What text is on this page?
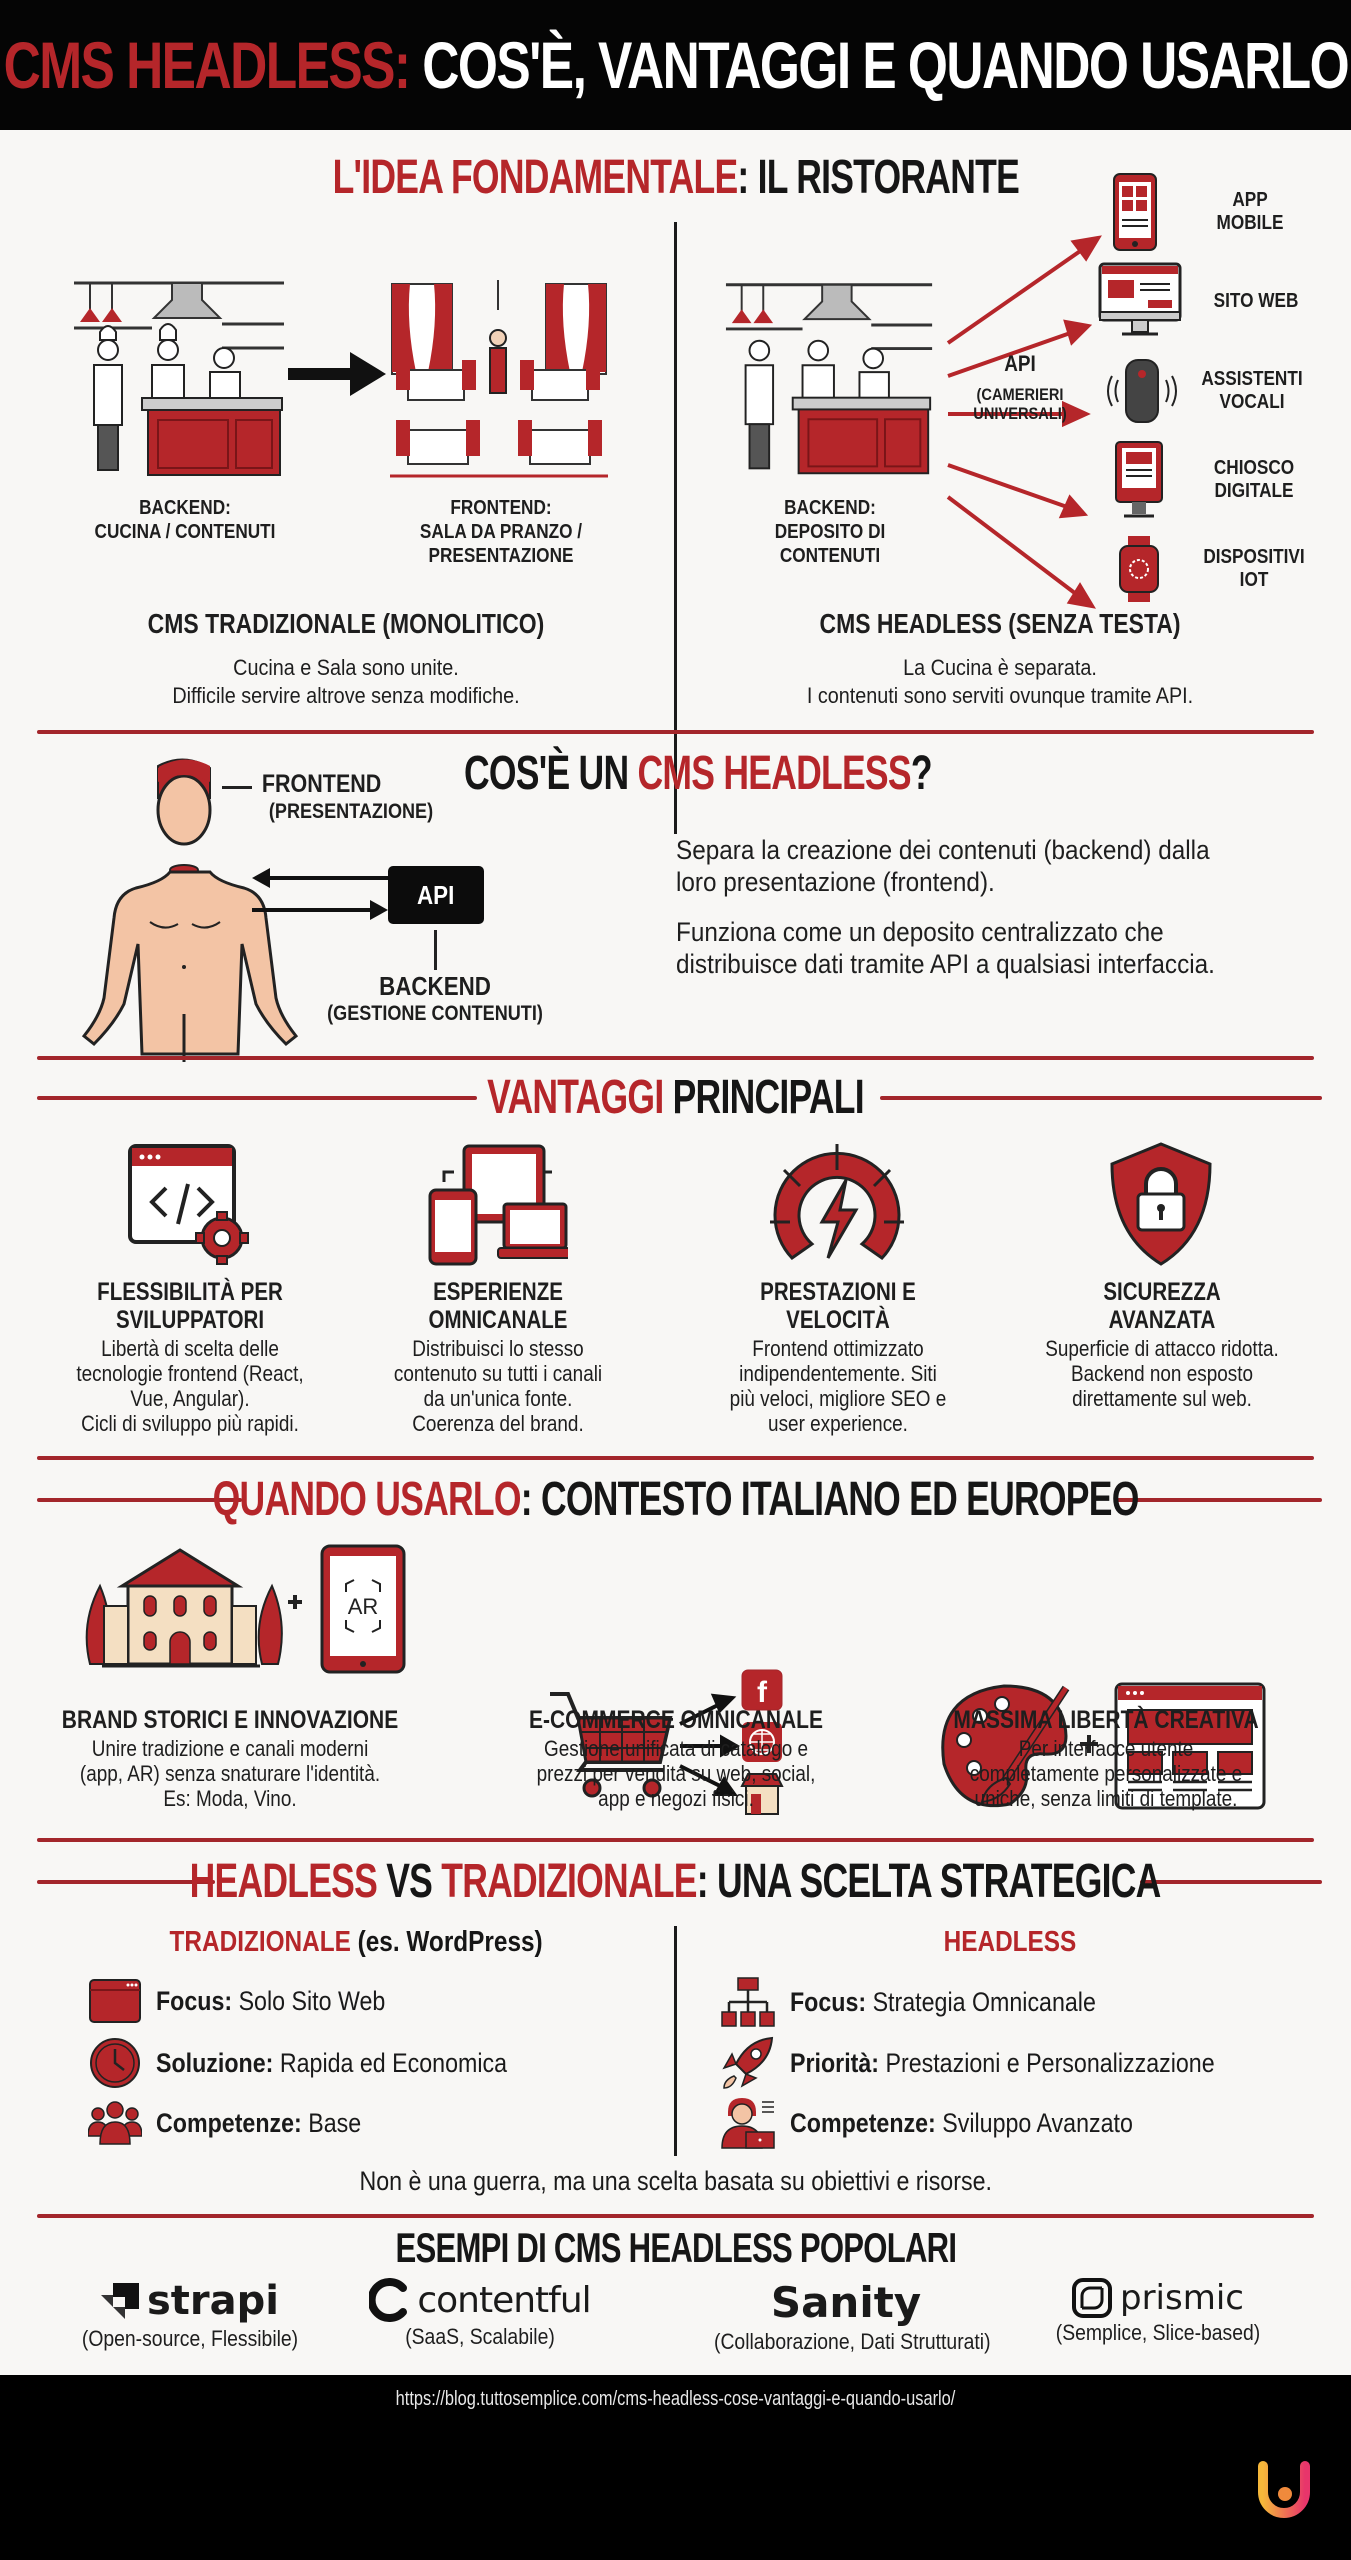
CMS HEADLESS: COS'È, VANTAGGI E QUANDO USARLO
L'IDEA FONDAMENTALE: IL RISTORANTE
BACKEND:
CUCINA / CONTENUTI
FRONTEND:
SALA DA PRANZO /
PRESENTAZIONE
CMS TRADIZIONALE (MONOLITICO)
Cucina e Sala sono unite.
Difficile servire altrove senza modifiche.
BACKEND:
DEPOSITO DI
CONTENUTI
API
(CAMERIERI
UNIVERSALI)
APP
MOBILE
SITO WEB
ASSISTENTI
VOCALI
CHIOSCO
DIGITALE
DISPOSITIVI
IOT
CMS HEADLESS (SENZA TESTA)
La Cucina è separata.
I contenuti sono serviti ovunque tramite API.
FRONTEND
(PRESENTAZIONE)
API
BACKEND
(GESTIONE CONTENUTI)
COS'È UN CMS HEADLESS?

Separa la creazione dei contenuti (backend) dalla loro presentazione (frontend).

Funziona come un deposito centralizzato che distribuisce dati tramite API a qualsiasi interfaccia.

VANTAGGI PRINCIPALI
FLESSIBILITÀ PER
SVILUPPATORI

Libertà di scelta delle
tecnologie frontend (React,
Vue, Angular).
Cicli di sviluppo più rapidi.

ESPERIENZE
OMNICANALE

Distribuisci lo stesso
contenuto su tutti i canali
da un'unica fonte.
Coerenza del brand.

PRESTAZIONI E
VELOCITÀ

Frontend ottimizzato
indipendentemente. Siti
più veloci, migliore SEO e
user experience.

SICUREZZA
AVANZATA

Superficie di attacco ridotta.
Backend non esposto
direttamente sul web.

QUANDO USARLO: CONTESTO ITALIANO ED EUROPEO
AR
f
BRAND STORICI E INNOVAZIONE

Unire tradizione e canali moderni
(app, AR) senza snaturare l'identità.
Es: Moda, Vino.

E-COMMERCE OMNICANALE

Gestione unificata di catalogo e
prezzi per vendita su web, social,
app e negozi fisici.

MASSIMA LIBERTÀ CREATIVA

Per interfacce utente
completamente personalizzate e
uniche, senza limiti di template.

HEADLESS VS TRADIZIONALE: UNA SCELTA STRATEGICA
TRADIZIONALE (es. WordPress)	HEADLESS
Focus: Solo Sito Web
Soluzione: Rapida ed Economica
Competenze: Base
Focus: Strategia Omnicanale
Priorità: Prestazioni e Personalizzazione
Competenze: Sviluppo Avanzato
Non è una guerra, ma una scelta basata su obiettivi e risorse.
ESEMPI DI CMS HEADLESS POPOLARI
strapi
(Open-source, Flessibile)
contentful
(SaaS, Scalabile)
Sanity
(Collaborazione, Dati Strutturati)
prismic
(Semplice, Slice-based)
https://blog.tuttosemplice.com/cms-headless-cose-vantaggi-e-quando-usarlo/
